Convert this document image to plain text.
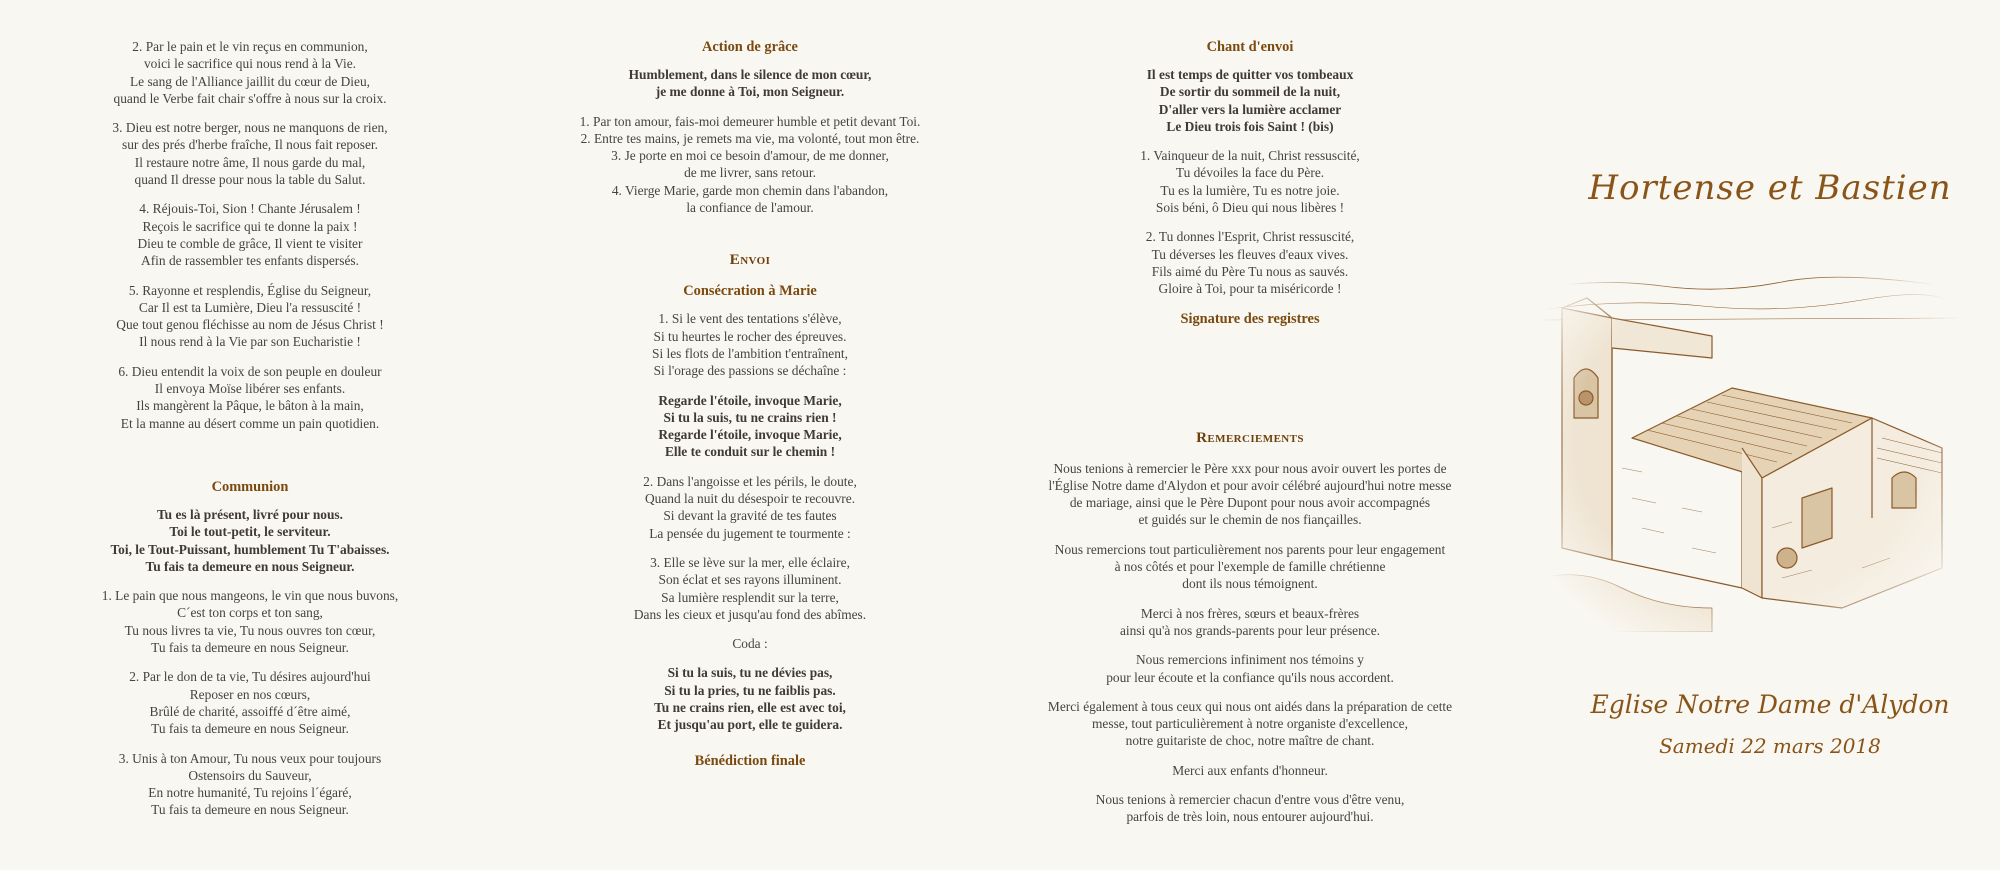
2. Par le pain et le vin reçus en communion,
voici le sacrifice qui nous rend à la Vie.
Le sang de l'Alliance jaillit du cœur de Dieu,
quand le Verbe fait chair s'offre à nous sur la croix.
3. Dieu est notre berger, nous ne manquons de rien,
sur des prés d'herbe fraîche, Il nous fait reposer.
Il restaure notre âme, Il nous garde du mal,
quand Il dresse pour nous la table du Salut.
4. Réjouis-Toi, Sion ! Chante Jérusalem !
Reçois le sacrifice qui te donne la paix !
Dieu te comble de grâce, Il vient te visiter
Afin de rassembler tes enfants dispersés.
5. Rayonne et resplendis, Église du Seigneur,
Car Il est ta Lumière, Dieu l'a ressuscité !
Que tout genou fléchisse au nom de Jésus Christ !
Il nous rend à la Vie par son Eucharistie !
6. Dieu entendit la voix de son peuple en douleur
Il envoya Moïse libérer ses enfants.
Ils mangèrent la Pâque, le bâton à la main,
Et la manne au désert comme un pain quotidien.
Communion
Tu es là présent, livré pour nous.
Toi le tout-petit, le serviteur.
Toi, le Tout-Puissant, humblement Tu T'abaisses.
Tu fais ta demeure en nous Seigneur.
1. Le pain que nous mangeons, le vin que nous buvons,
C´est ton corps et ton sang,
Tu nous livres ta vie, Tu nous ouvres ton cœur,
Tu fais ta demeure en nous Seigneur.
2. Par le don de ta vie, Tu désires aujourd'hui
Reposer en nos cœurs,
Brûlé de charité, assoiffé d´être aimé,
Tu fais ta demeure en nous Seigneur.
3. Unis à ton Amour, Tu nous veux pour toujours
Ostensoirs du Sauveur,
En notre humanité, Tu rejoins l´égaré,
Tu fais ta demeure en nous Seigneur.
Action de grâce
Humblement, dans le silence de mon cœur,
je me donne à Toi, mon Seigneur.
1. Par ton amour, fais-moi demeurer humble et petit devant Toi.
2. Entre tes mains, je remets ma vie, ma volonté, tout mon être.
3. Je porte en moi ce besoin d'amour, de me donner,
de me livrer, sans retour.
4. Vierge Marie, garde mon chemin dans l'abandon,
la confiance de l'amour.
Envoi
Consécration à Marie
1. Si le vent des tentations s'élève,
Si tu heurtes le rocher des épreuves.
Si les flots de l'ambition t'entraînent,
Si l'orage des passions se déchaîne :
Regarde l'étoile, invoque Marie,
Si tu la suis, tu ne crains rien !
Regarde l'étoile, invoque Marie,
Elle te conduit sur le chemin !
2. Dans l'angoisse et les périls, le doute,
Quand la nuit du désespoir te recouvre.
Si devant la gravité de tes fautes
La pensée du jugement te tourmente :
3. Elle se lève sur la mer, elle éclaire,
Son éclat et ses rayons illuminent.
Sa lumière resplendit sur la terre,
Dans les cieux et jusqu'au fond des abîmes.
Coda :
Si tu la suis, tu ne dévies pas,
Si tu la pries, tu ne faiblis pas.
Tu ne crains rien, elle est avec toi,
Et jusqu'au port, elle te guidera.
Bénédiction finale
Chant d'envoi
Il est temps de quitter vos tombeaux
De sortir du sommeil de la nuit,
D'aller vers la lumière acclamer
Le Dieu trois fois Saint ! (bis)
1. Vainqueur de la nuit, Christ ressuscité,
Tu dévoiles la face du Père.
Tu es la lumière, Tu es notre joie.
Sois béni, ô Dieu qui nous libères !
2. Tu donnes l'Esprit, Christ ressuscité,
Tu déverses les fleuves d'eaux vives.
Fils aimé du Père Tu nous as sauvés.
Gloire à Toi, pour ta miséricorde !
Signature des registres
Remerciements
Nous tenions à remercier le Père xxx pour nous avoir ouvert les portes de
l'Église Notre dame d'Alydon et pour avoir célébré aujourd'hui notre messe
de mariage, ainsi que le Père Dupont pour nous avoir accompagnés
et guidés sur le chemin de nos fiançailles.
Nous remercions tout particulièrement nos parents pour leur engagement
à nos côtés et pour l'exemple de famille chrétienne
dont ils nous témoignent.
Merci à nos frères, sœurs et beaux-frères
ainsi qu'à nos grands-parents pour leur présence.
Nous remercions infiniment nos témoins y
pour leur écoute et la confiance qu'ils nous accordent.
Merci également à tous ceux qui nous ont aidés dans la préparation de cette
messe, tout particulièrement à notre organiste d'excellence,
notre guitariste de choc, notre maître de chant.
Merci aux enfants d'honneur.
Nous tenions à remercier chacun d'entre vous d'être venu,
parfois de très loin, nous entourer aujourd'hui.
Hortense et Bastien
Eglise Notre Dame d'Alydon
Samedi 22 mars 2018
